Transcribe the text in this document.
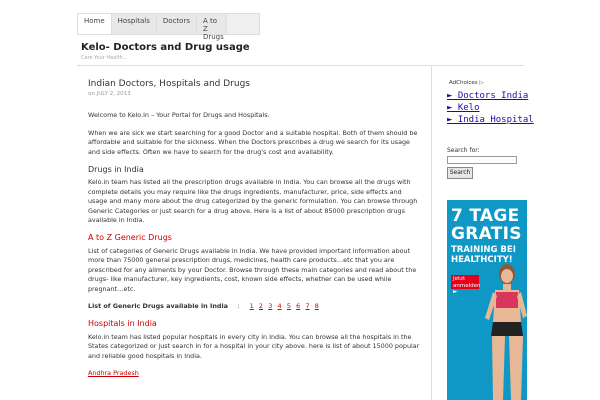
Home	Hospitals	Doctors	A to Z Drugs
Kelo- Doctors and Drug usage
Care Your Health...
Indian Doctors, Hospitals and Drugs
on JULY 2, 2013
Welcome to Kelo.in – Your Portal for Drugs and Hospitals.
When we are sick we start searching for a good Doctor and a suitable hospital. Both of them should be affordable and suitable for the sickness. When the Doctors prescribes a drug we search for its usage and side effects. Often we have to search for the drug's cost and availability.
Drugs in India
Kelo.in team has listed all the prescription drugs available in India. You can browse all the drugs with complete details you may require like the drugs ingredients, manufacturer, price, side effects and usage and many more about the drug categorized by the generic formulation. You can browse through Generic Categories or just search for a drug above. Here is a list of about 85000 prescription drugs available in India.
A to Z Generic Drugs
List of categories of Generic Drugs available in India. We have provided important information about more than 75000 general prescription drugs, medicines, health care products…etc that you are prescribed for any ailments by your Doctor. Browse through these main categories and read about the drugs- like manufacturer, key ingredients, cost, known side effects, whether can be used while pregnant…etc.
List of Generic Drugs available in India : 1 2 3 4 5 6 7 8
Hospitals in India
Kelo.in team has listed popular hospitals in every city in India. You can browse all the hospitals in the States categorized or just search in for a hospital in your city above. here is list of about 15000 popular and reliable good hospitals in India.
Andhra Pradesh
AdChoices ▷
► Doctors India
► Kelo
► India Hospital
Search for:
Search
7 TAGE GRATIS
TRAINING BEI HEALTHCITY!
Jetzt anmelden ►
